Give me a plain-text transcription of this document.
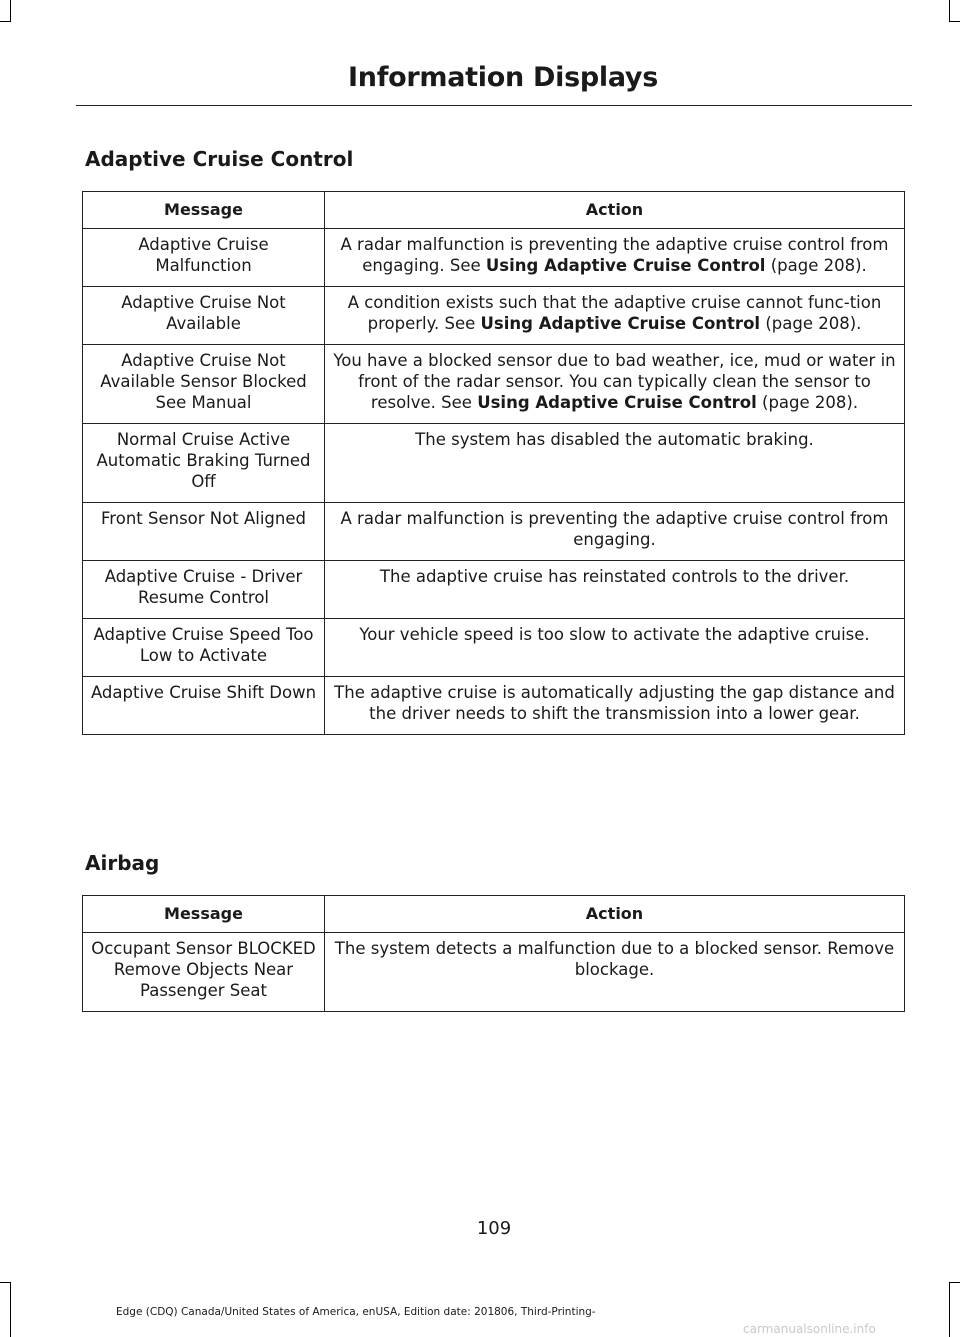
Information Displays
Adaptive Cruise Control
Message	Action
Adaptive Cruise Malfunction	A radar malfunction is preventing the adaptive cruise control from engaging. See Using Adaptive Cruise Control (page 208).
Adaptive Cruise Not Available	A condition exists such that the adaptive cruise cannot func-tion properly. See Using Adaptive Cruise Control (page 208).
Adaptive Cruise Not Available Sensor Blocked See Manual	You have a blocked sensor due to bad weather, ice, mud or water in front of the radar sensor. You can typically clean the sensor to resolve. See Using Adaptive Cruise Control (page 208).
Normal Cruise Active Automatic Braking Turned Off	The system has disabled the automatic braking.
Front Sensor Not Aligned	A radar malfunction is preventing the adaptive cruise control from engaging.
Adaptive Cruise - Driver Resume Control	The adaptive cruise has reinstated controls to the driver.
Adaptive Cruise Speed Too Low to Activate	Your vehicle speed is too slow to activate the adaptive cruise.
Adaptive Cruise Shift Down	The adaptive cruise is automatically adjusting the gap distance and the driver needs to shift the transmission into a lower gear.
Airbag
Message	Action
Occupant Sensor BLOCKED Remove Objects Near Passenger Seat	The system detects a malfunction due to a blocked sensor. Remove blockage.
109
Edge (CDQ) Canada/United States of America, enUSA, Edition date: 201806, Third-Printing-
carmanualsonline.info
